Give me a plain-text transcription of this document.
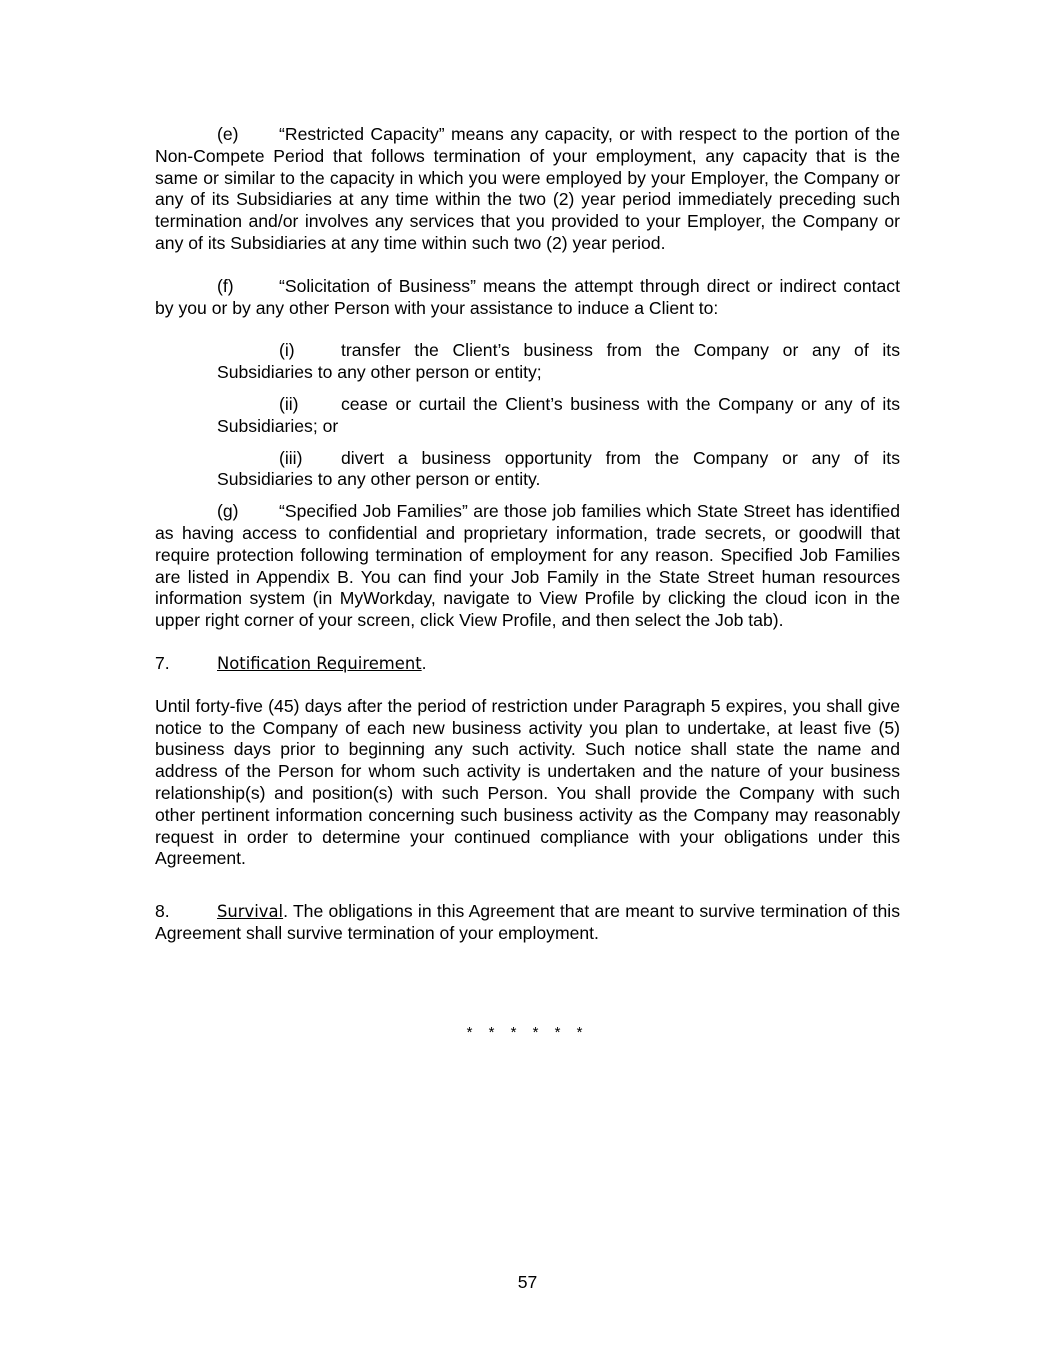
(e) “Restricted Capacity” means any capacity, or with respect to the portion of the Non-Compete Period that follows termination of your employment, any capacity that is the same or similar to the capacity in which you were employed by your Employer, the Company or any of its Subsidiaries at any time within the two (2) year period immediately preceding such termination and/or involves any services that you provided to your Employer, the Company or any of its Subsidiaries at any time within such two (2) year period.

(f)	“Solicitation of Business” means the attempt through direct or indirect contact by you or by any other Person with your assistance to induce a Client to:

(i)	transfer the Client’s business from the Company or any of its Subsidiaries to any other person or entity;

(ii) cease or curtail the Client’s business with the Company or any of its Subsidiaries; or

(iii) divert a business opportunity from the Company or any of its Subsidiaries to any other person or entity.

(g) “Specified Job Families” are those job families which State Street has identified as having access to confidential and proprietary information, trade secrets, or goodwill that require protection following termination of employment for any reason. Specified Job Families are listed in Appendix B. You can find your Job Family in the State Street human resources information system (in MyWorkday, navigate to View Profile by clicking the cloud icon in the upper right corner of your screen, click View Profile, and then select the Job tab).

7.	Notification Requirement.

Until forty-five (45) days after the period of restriction under Paragraph 5 expires, you shall give notice to the Company of each new business activity you plan to undertake, at least five (5) business days prior to beginning any such activity. Such notice shall state the name and address of the Person for whom such activity is undertaken and the nature of your business relationship(s) and position(s) with such Person. You shall provide the Company with such other pertinent information concerning such business activity as the Company may reasonably request in order to determine your continued compliance with your obligations under this Agreement.

8.	Survival. The obligations in this Agreement that are meant to survive termination of this Agreement shall survive termination of your employment.

* * * * * *
57
